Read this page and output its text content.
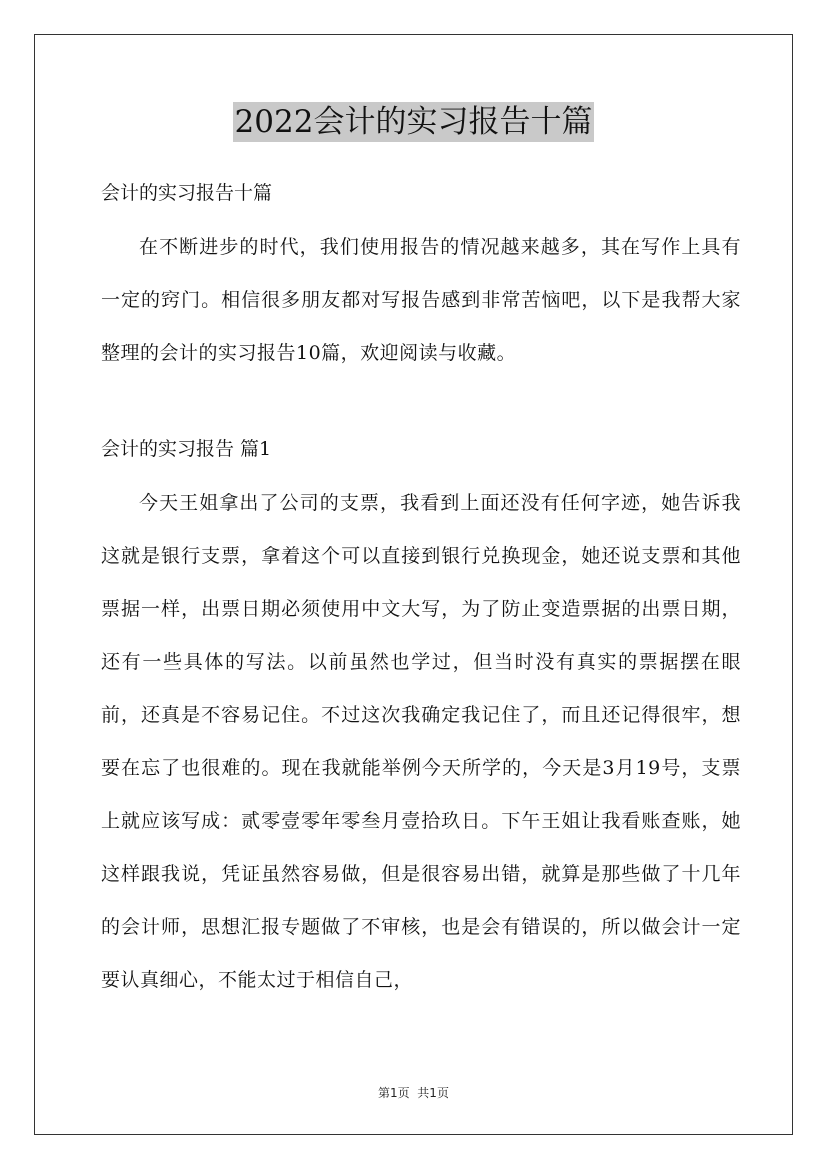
2022会计的实习报告十篇
会计的实习报告十篇

在不断进步的时代，我们使用报告的情况越来越多，其在写作上具有一定的窍门。相信很多朋友都对写报告感到非常苦恼吧，以下是我帮大家整理的会计的实习报告10篇，欢迎阅读与收藏。

会计的实习报告 篇1

今天王姐拿出了公司的支票，我看到上面还没有任何字迹，她告诉我这就是银行支票，拿着这个可以直接到银行兑换现金，她还说支票和其他票据一样，出票日期必须使用中文大写，为了防止变造票据的出票日期，还有一些具体的写法。以前虽然也学过，但当时没有真实的票据摆在眼前，还真是不容易记住。不过这次我确定我记住了，而且还记得很牢，想要在忘了也很难的。现在我就能举例今天所学的，今天是3月19号，支票上就应该写成：贰零壹零年零叁月壹拾玖日。下午王姐让我看账查账，她这样跟我说，凭证虽然容易做，但是很容易出错，就算是那些做了十几年的会计师，思想汇报专题做了不审核，也是会有错误的，所以做会计一定要认真细心，不能太过于相信自己，

第1页  共1页
